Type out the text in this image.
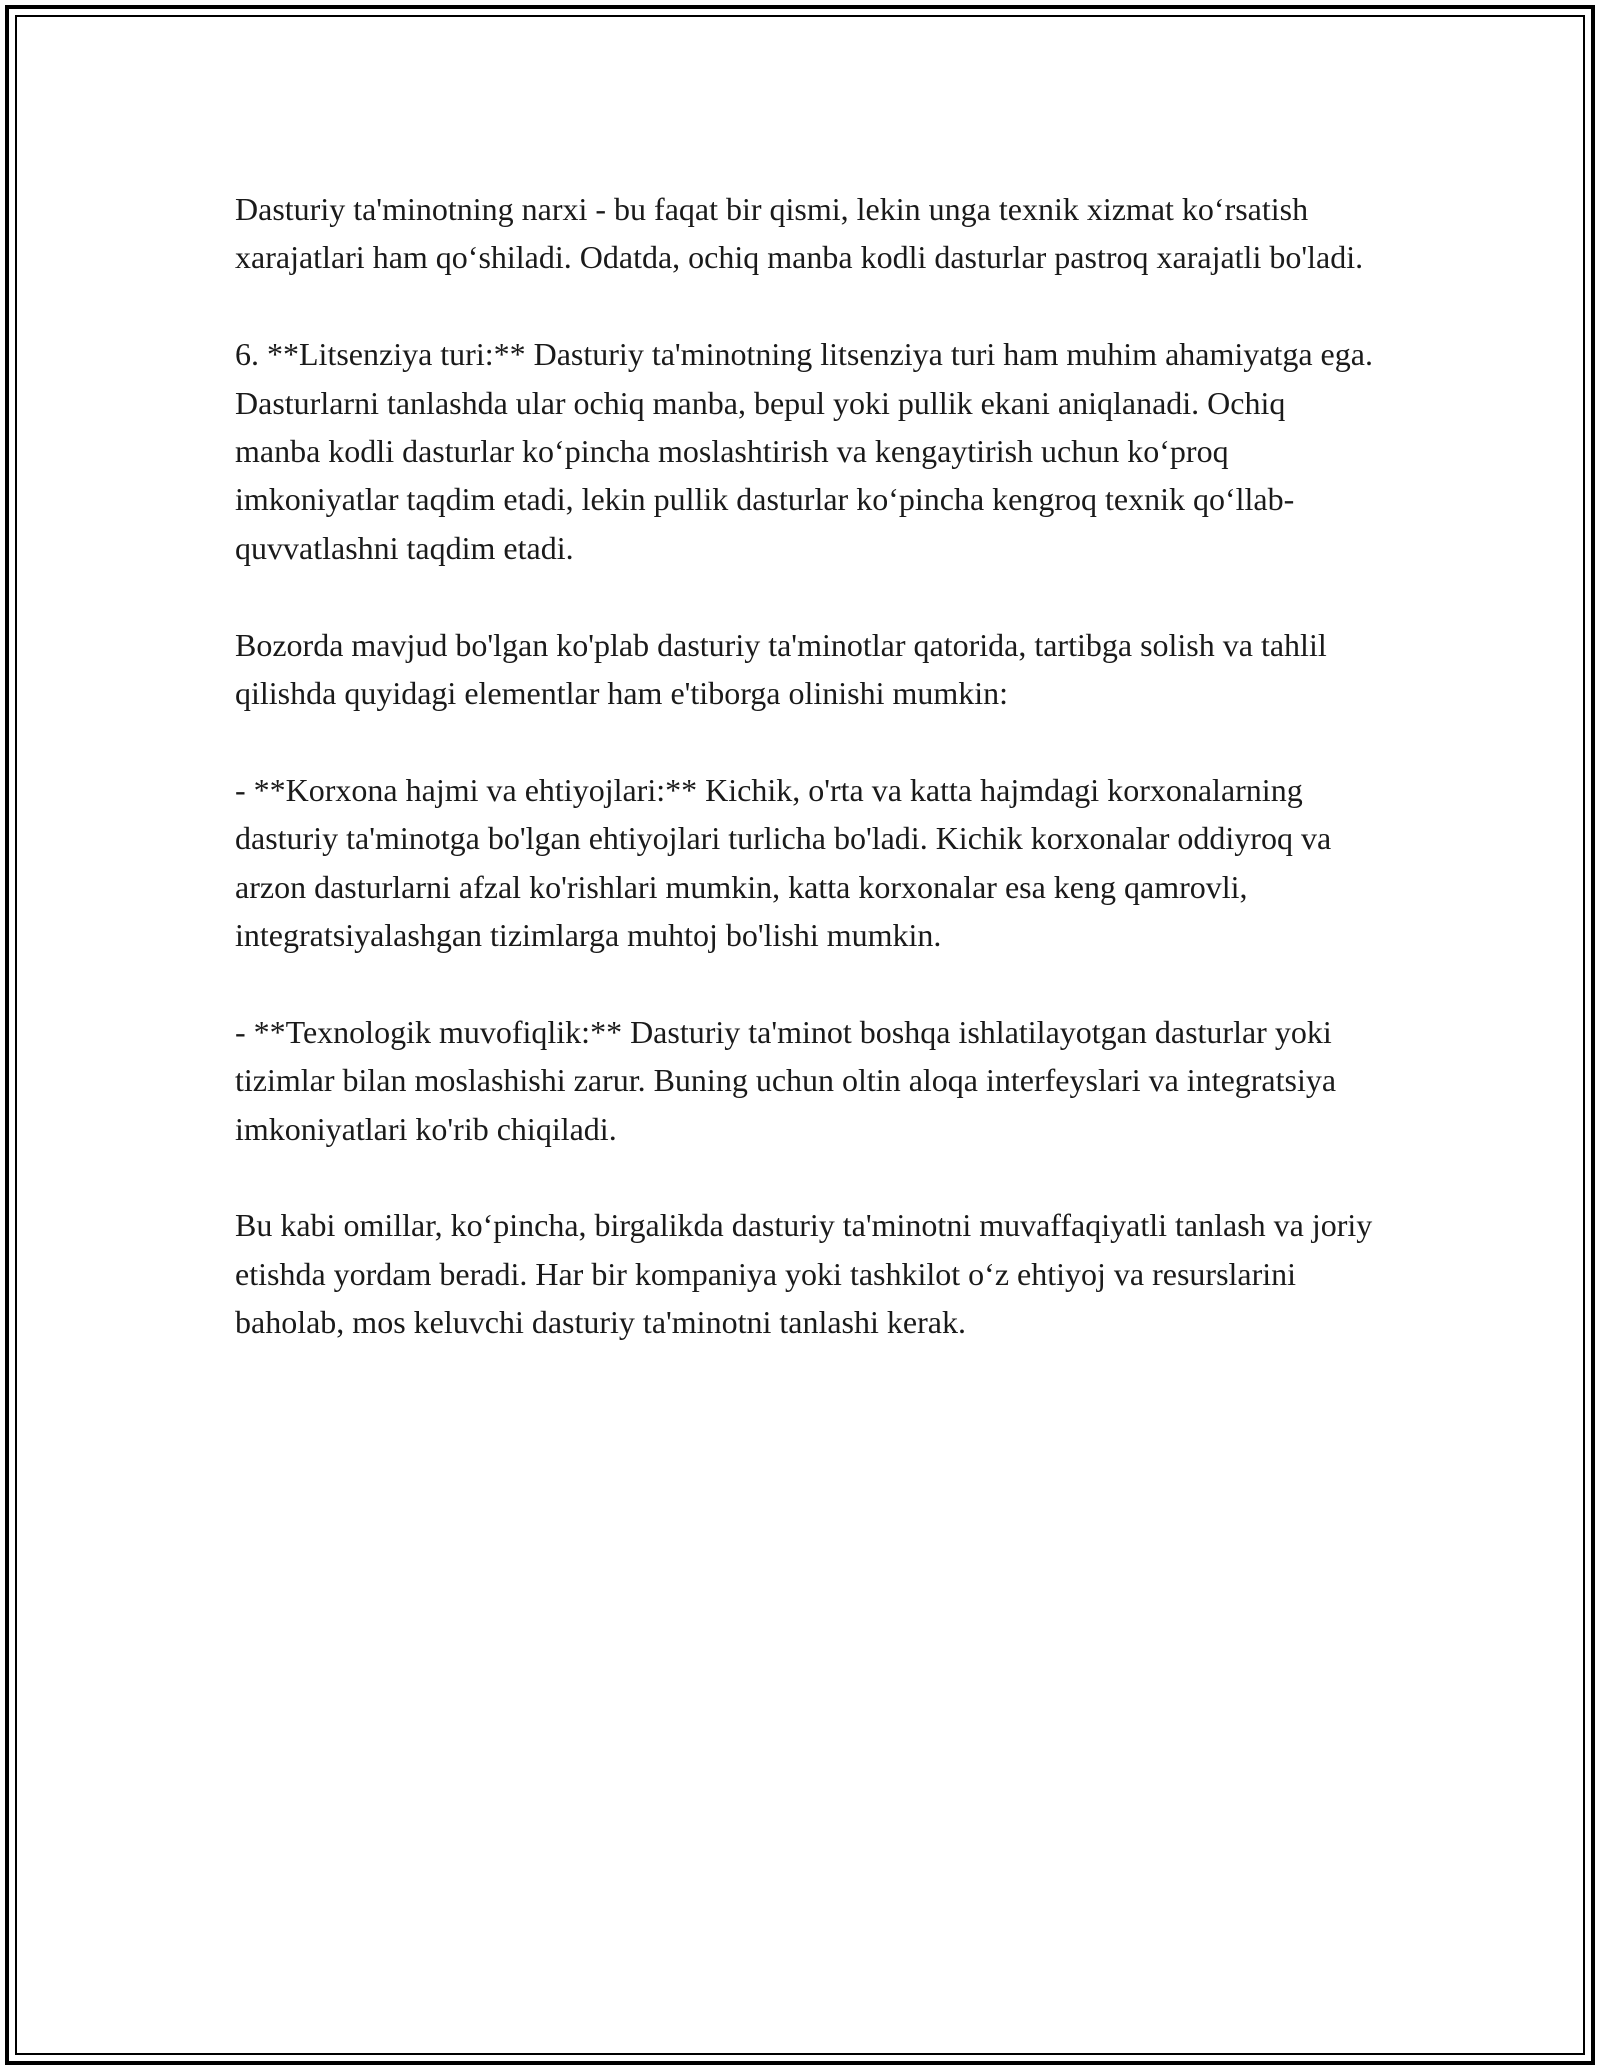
Dasturiy ta'minotning narxi - bu faqat bir qismi, lekin unga texnik xizmat ko‘rsatish xarajatlari ham qo‘shiladi. Odatda, ochiq manba kodli dasturlar pastroq xarajatli bo'ladi.

6. **Litsenziya turi:** Dasturiy ta'minotning litsenziya turi ham muhim ahamiyatga ega. Dasturlarni tanlashda ular ochiq manba, bepul yoki pullik ekani aniqlanadi. Ochiq manba kodli dasturlar ko‘pincha moslashtirish va kengaytirish uchun ko‘proq imkoniyatlar taqdim etadi, lekin pullik dasturlar ko‘pincha kengroq texnik qo‘llab-quvvatlashni taqdim etadi.

Bozorda mavjud bo'lgan ko'plab dasturiy ta'minotlar qatorida, tartibga solish va tahlil qilishda quyidagi elementlar ham e'tiborga olinishi mumkin:

- **Korxona hajmi va ehtiyojlari:** Kichik, o'rta va katta hajmdagi korxonalarning dasturiy ta'minotga bo'lgan ehtiyojlari turlicha bo'ladi. Kichik korxonalar oddiyroq va arzon dasturlarni afzal ko'rishlari mumkin, katta korxonalar esa keng qamrovli, integratsiyalashgan tizimlarga muhtoj bo'lishi mumkin.

- **Texnologik muvofiqlik:** Dasturiy ta'minot boshqa ishlatilayotgan dasturlar yoki tizimlar bilan moslashishi zarur. Buning uchun oltin aloqa interfeyslari va integratsiya imkoniyatlari ko'rib chiqiladi.

Bu kabi omillar, ko‘pincha, birgalikda dasturiy ta'minotni muvaffaqiyatli tanlash va joriy etishda yordam beradi. Har bir kompaniya yoki tashkilot o‘z ehtiyoj va resurslarini baholab, mos keluvchi dasturiy ta'minotni tanlashi kerak.
